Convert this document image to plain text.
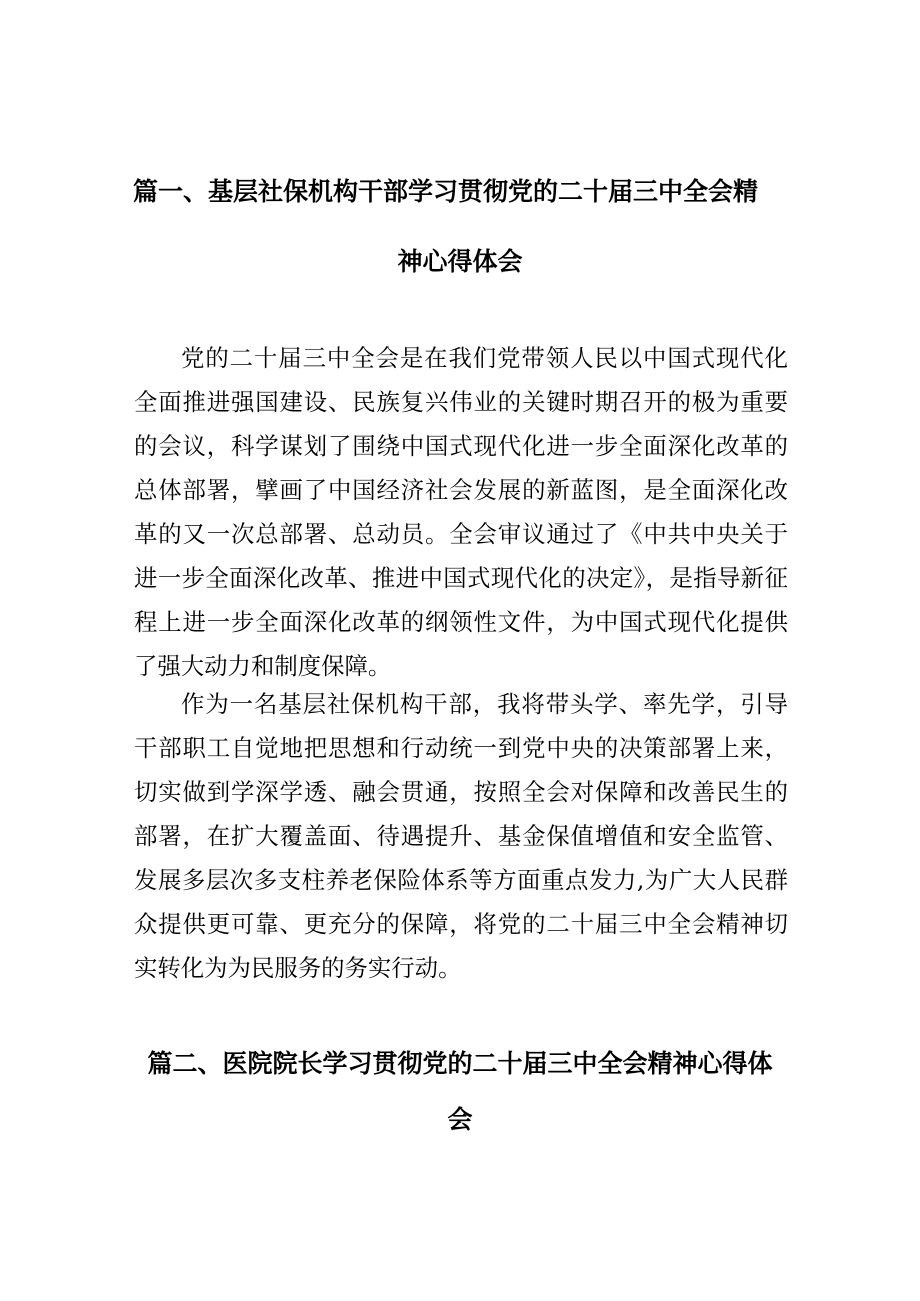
篇一、基层社保机构干部学习贯彻党的二十届三中全会精
神心得体会

党的二十届三中全会是在我们党带领人民以中国式现代化全面推进强国建设、民族复兴伟业的关键时期召开的极为重要的会议，科学谋划了围绕中国式现代化进一步全面深化改革的总体部署，擘画了中国经济社会发展的新蓝图，是全面深化改革的又一次总部署、总动员。全会审议通过了《中共中央关于进一步全面深化改革、推进中国式现代化的决定》，是指导新征程上进一步全面深化改革的纲领性文件，为中国式现代化提供了强大动力和制度保障。

作为一名基层社保机构干部，我将带头学、率先学，引导干部职工自觉地把思想和行动统一到党中央的决策部署上来，切实做到学深学透、融会贯通，按照全会对保障和改善民生的部署，在扩大覆盖面、待遇提升、基金保值增值和安全监管、发展多层次多支柱养老保险体系等方面重点发力,为广大人民群众提供更可靠、更充分的保障，将党的二十届三中全会精神切实转化为为民服务的务实行动。

篇二、医院院长学习贯彻党的二十届三中全会精神心得体
会
